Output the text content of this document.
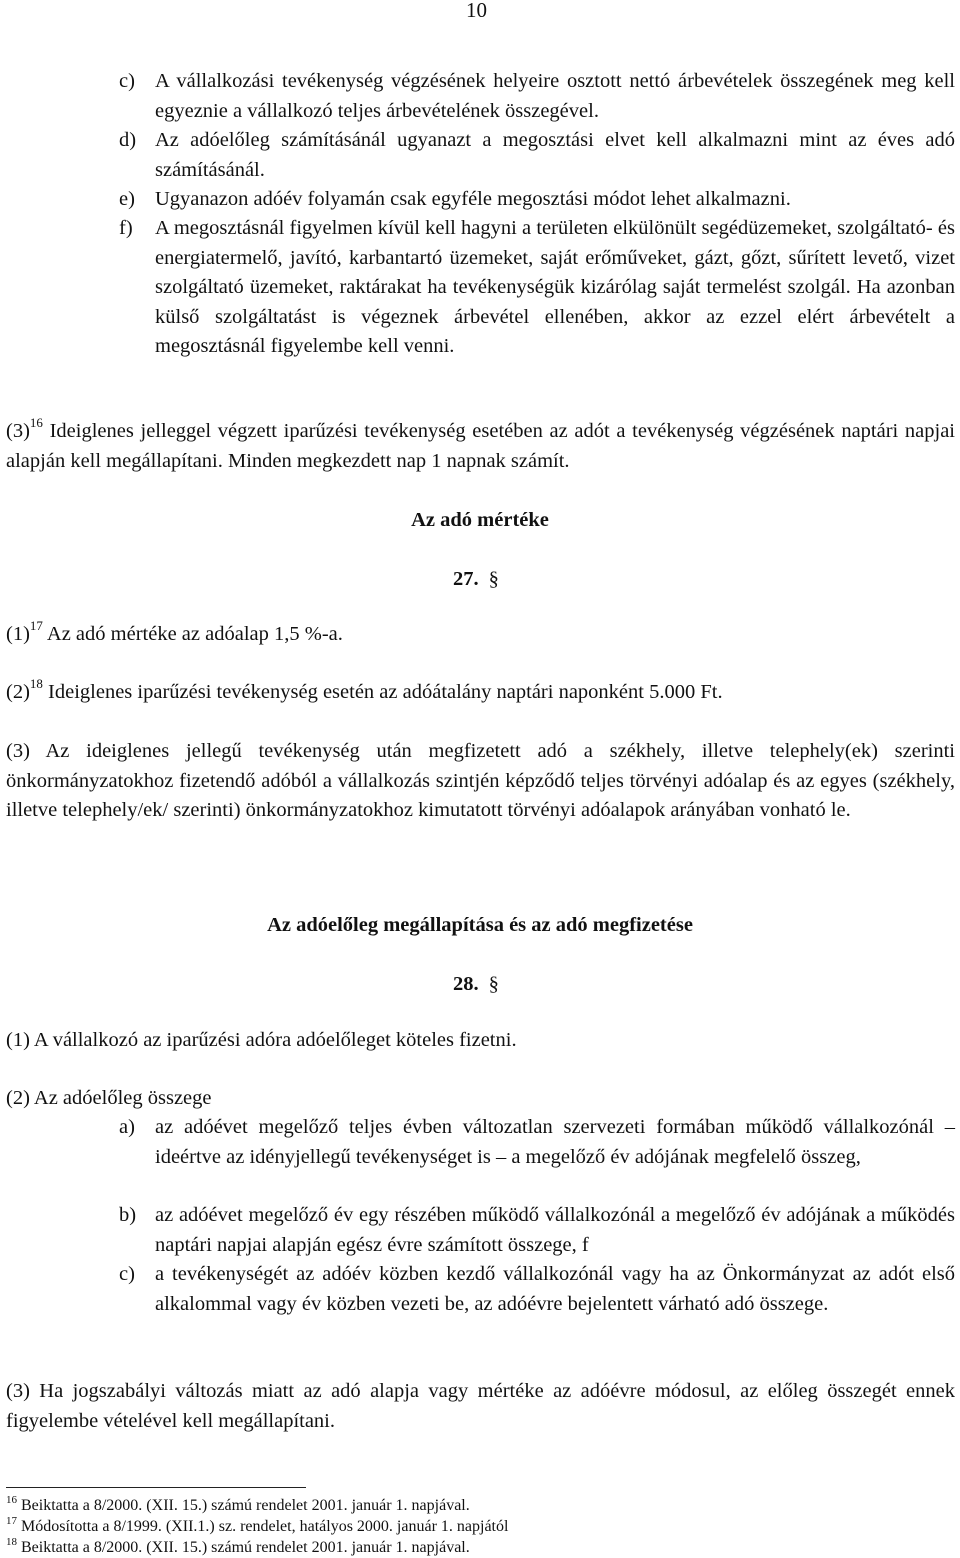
10
c) A vállalkozási tevékenység végzésének helyeire osztott nettó árbevételek összegének meg kell egyeznie a vállalkozó teljes árbevételének összegével.
d) Az adóelőleg számításánál ugyanazt a megosztási elvet kell alkalmazni mint az éves adó számításánál.
e) Ugyanazon adóév folyamán csak egyféle megosztási módot lehet alkalmazni.
f) A megosztásnál figyelmen kívül kell hagyni a területen elkülönült segédüzemeket, szolgáltató- és energiatermelő, javító, karbantartó üzemeket, saját erőműveket, gázt, gőzt, sűrített levető, vizet szolgáltató üzemeket, raktárakat ha tevékenységük kizárólag saját termelést szolgál. Ha azonban külső szolgáltatást is végeznek árbevétel ellenében, akkor az ezzel elért árbevételt a megosztásnál figyelembe kell venni.
$(3)^{16}$ Ideiglenes jelleggel végzett iparűzési tevékenység esetében az adót a tevékenység végzésének naptári napjai alapján kell megállapítani. Minden megkezdett nap 1 napnak számít.
Az adó mértéke
27. §
$(1)^{17}$ Az adó mértéke az adóalap 1,5 %-a.
$(2)^{18}$ Ideiglenes iparűzési tevékenység esetén az adóátalány naptári naponként 5.000 Ft.
(3) Az ideiglenes jellegű tevékenység után megfizetett adó a székhely, illetve telephely(ek) szerinti önkormányzatokhoz fizetendő adóból a vállalkozás szintjén képződő teljes törvényi adóalap és az egyes (székhely, illetve telephely/ek/ szerinti) önkormányzatokhoz kimutatott törvényi adóalapok arányában vonható le.
Az adóelőleg megállapítása és az adó megfizetése
28. §
(1) A vállalkozó az iparűzési adóra adóelőleget köteles fizetni.
(2) Az adóelőleg összege
a) az adóévet megelőző teljes évben változatlan szervezeti formában működő vállalkozónál – ideértve az idényjellegű tevékenységet is – a megelőző év adójának megfelelő összeg,
b) az adóévet megelőző év egy részében működő vállalkozónál a megelőző év adójának a működés naptári napjai alapján egész évre számított összege, f
c) a tevékenységét az adóév közben kezdő vállalkozónál vagy ha az Önkormányzat az adót első alkalommal vagy év közben vezeti be, az adóévre bejelentett várható adó összege.
(3) Ha jogszabályi változás miatt az adó alapja vagy mértéke az adóévre módosul, az előleg összegét ennek figyelembe vételével kell megállapítani.
$^{16}$ Beiktatta a 8/2000. (XII. 15.) számú rendelet 2001. január 1. napjával.
$^{17}$ Módosította a 8/1999. (XII.1.) sz. rendelet, hatályos 2000. január 1. napjától
$^{18}$ Beiktatta a 8/2000. (XII. 15.) számú rendelet 2001. január 1. napjával.
